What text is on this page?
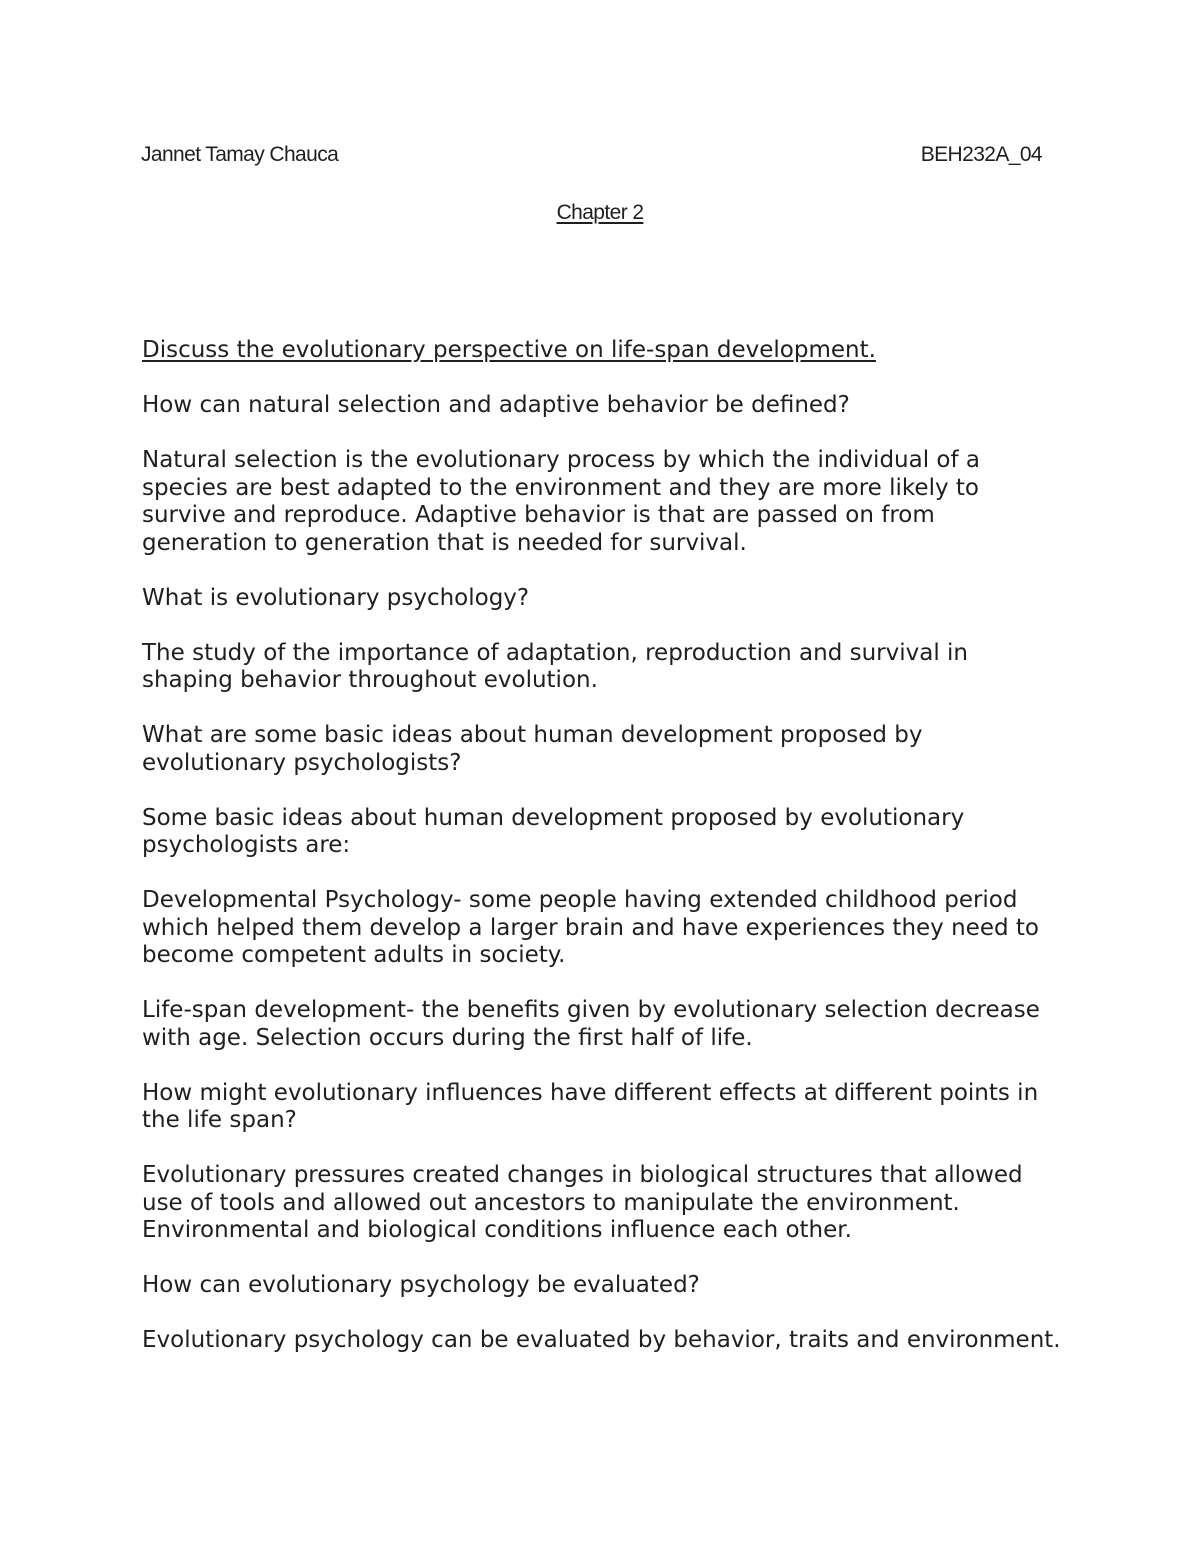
Jannet Tamay Chauca	BEH232A_04
Chapter 2

Discuss the evolutionary perspective on life-span development.

How can natural selection and adaptive behavior be defined?

Natural selection is the evolutionary process by which the individual of a species are best adapted to the environment and they are more likely to survive and reproduce. Adaptive behavior is that are passed on from generation to generation that is needed for survival.

What is evolutionary psychology?

The study of the importance of adaptation, reproduction and survival in shaping behavior throughout evolution.

What are some basic ideas about human development proposed by evolutionary psychologists?

Some basic ideas about human development proposed by evolutionary psychologists are:

Developmental Psychology- some people having extended childhood period which helped them develop a larger brain and have experiences they need to become competent adults in society.

Life-span development- the benefits given by evolutionary selection decrease with age. Selection occurs during the first half of life.

How might evolutionary influences have different effects at different points in the life span?

Evolutionary pressures created changes in biological structures that allowed use of tools and allowed out ancestors to manipulate the environment. Environmental and biological conditions influence each other.

How can evolutionary psychology be evaluated?

Evolutionary psychology can be evaluated by behavior, traits and environment.
